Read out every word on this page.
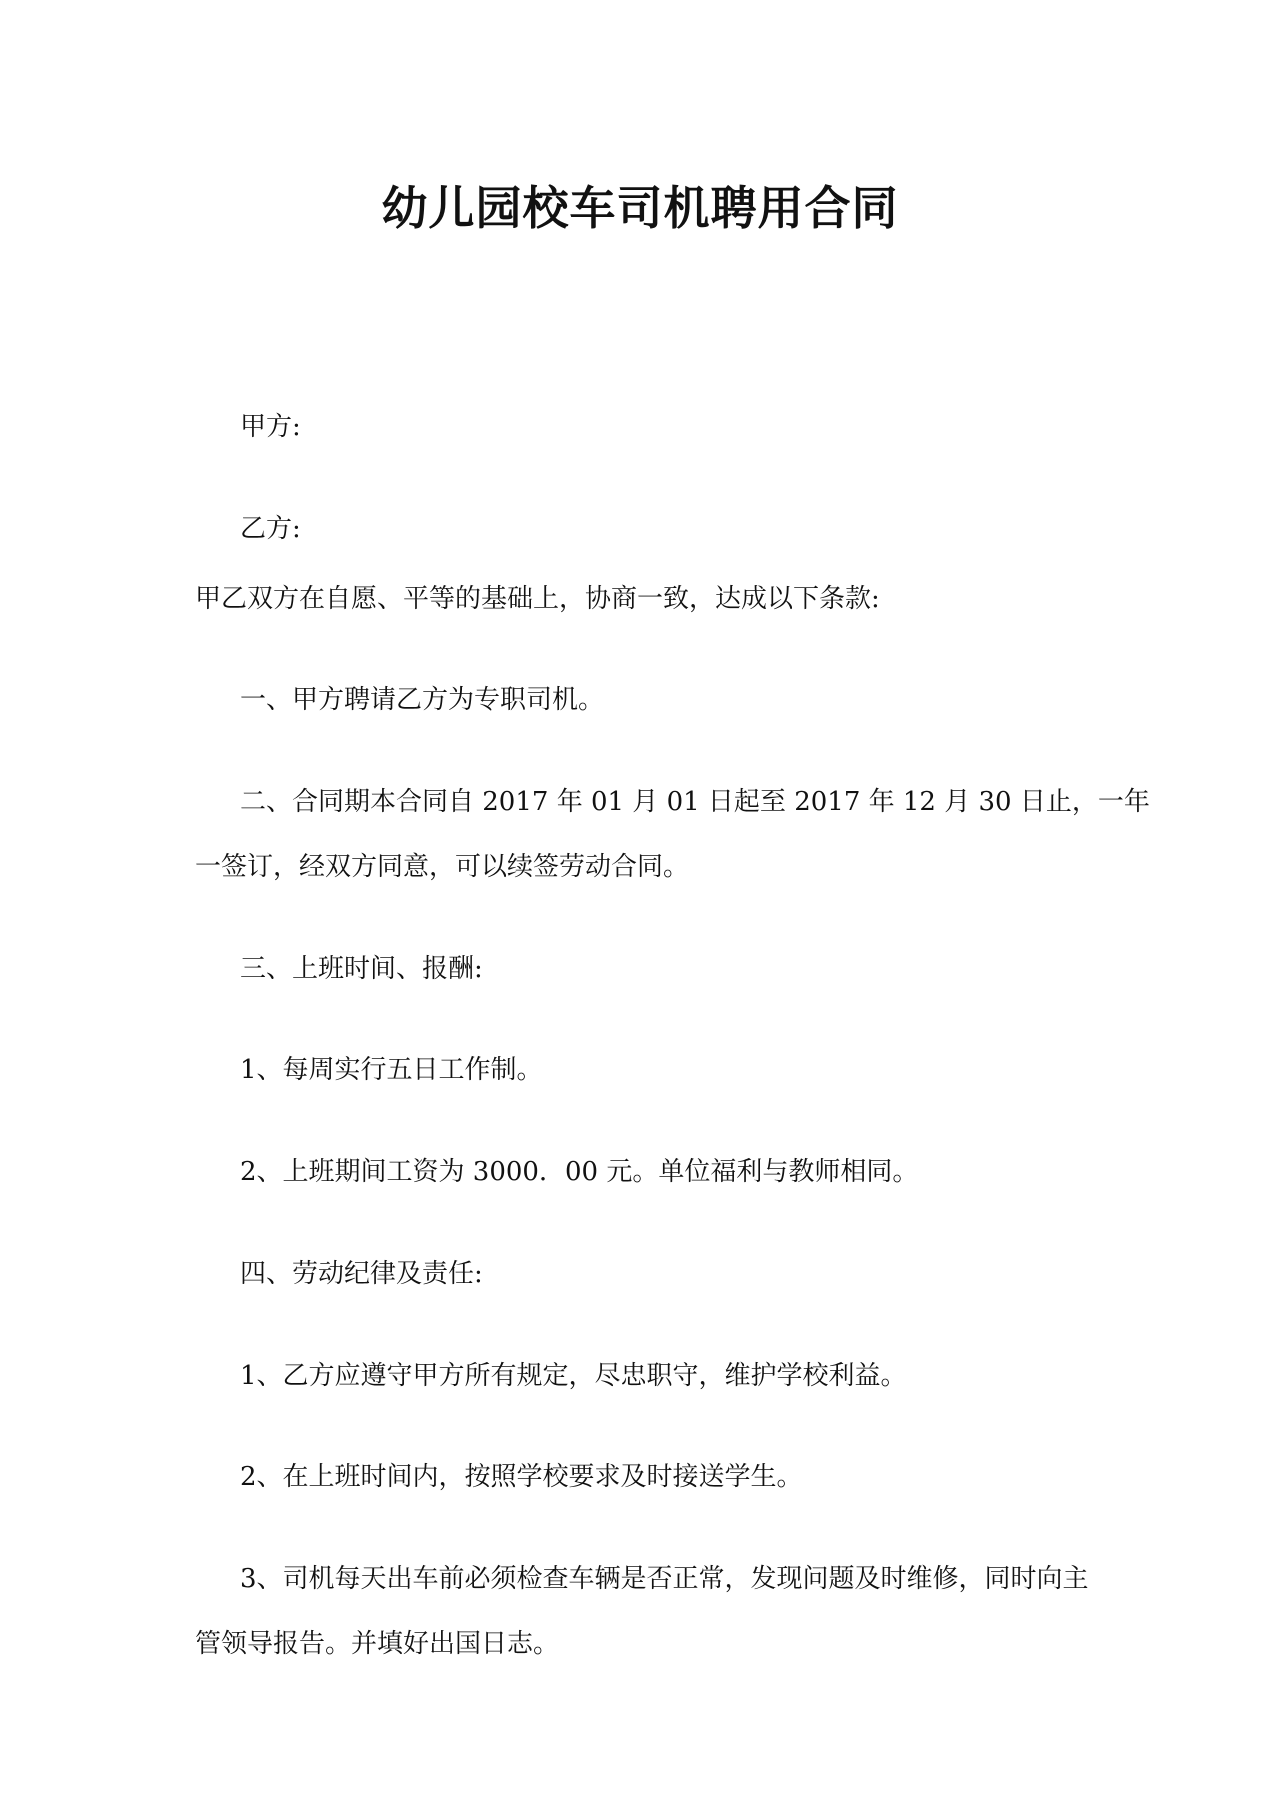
幼儿园校车司机聘用合同
甲方:
乙方:
甲乙双方在自愿、平等的基础上，协商一致，达成以下条款:
一、甲方聘请乙方为专职司机。
二、合同期本合同自 2017 年 01 月 01 日起至 2017 年 12 月 30 日止，一年
一签订，经双方同意，可以续签劳动合同。
三、上班时间、报酬:
1、每周实行五日工作制。
2、上班期间工资为 3000．00 元。单位福利与教师相同。
四、劳动纪律及责任:
1、乙方应遵守甲方所有规定，尽忠职守，维护学校利益。
2、在上班时间内，按照学校要求及时接送学生。
3、司机每天出车前必须检查车辆是否正常，发现问题及时维修，同时向主
管领导报告。并填好出国日志。
